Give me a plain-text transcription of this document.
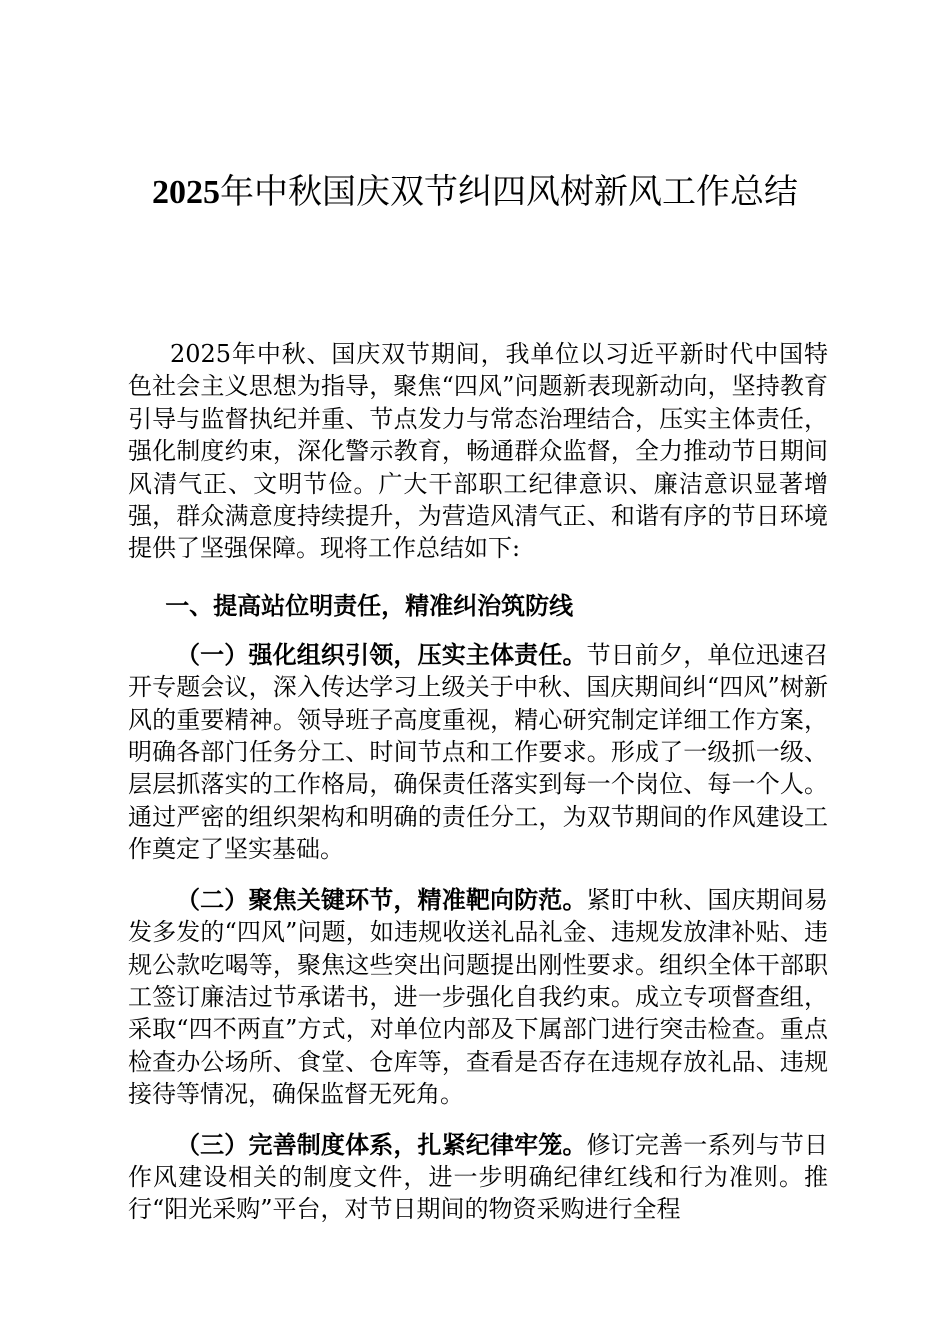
2025年中秋国庆双节纠四风树新风工作总结

2025年中秋、国庆双节期间，我单位以习近平新时代中国特色社会主义思想为指导，聚焦“四风”问题新表现新动向，坚持教育引导与监督执纪并重、节点发力与常态治理结合，压实主体责任，强化制度约束，深化警示教育，畅通群众监督，全力推动节日期间风清气正、文明节俭。广大干部职工纪律意识、廉洁意识显著增强，群众满意度持续提升，为营造风清气正、和谐有序的节日环境提供了坚强保障。现将工作总结如下:

一、提高站位明责任，精准纠治筑防线

（一）强化组织引领，压实主体责任。节日前夕，单位迅速召开专题会议，深入传达学习上级关于中秋、国庆期间纠“四风”树新风的重要精神。领导班子高度重视，精心研究制定详细工作方案，明确各部门任务分工、时间节点和工作要求。形成了一级抓一级、层层抓落实的工作格局，确保责任落实到每一个岗位、每一个人。通过严密的组织架构和明确的责任分工，为双节期间的作风建设工作奠定了坚实基础。

（二）聚焦关键环节，精准靶向防范。紧盯中秋、国庆期间易发多发的“四风”问题，如违规收送礼品礼金、违规发放津补贴、违规公款吃喝等，聚焦这些突出问题提出刚性要求。组织全体干部职工签订廉洁过节承诺书，进一步强化自我约束。成立专项督查组，采取“四不两直”方式，对单位内部及下属部门进行突击检查。重点检查办公场所、食堂、仓库等，查看是否存在违规存放礼品、违规接待等情况，确保监督无死角。

（三）完善制度体系，扎紧纪律牢笼。修订完善一系列与节日作风建设相关的制度文件，进一步明确纪律红线和行为准则。推行“阳光采购”平台，对节日期间的物资采购进行全程
